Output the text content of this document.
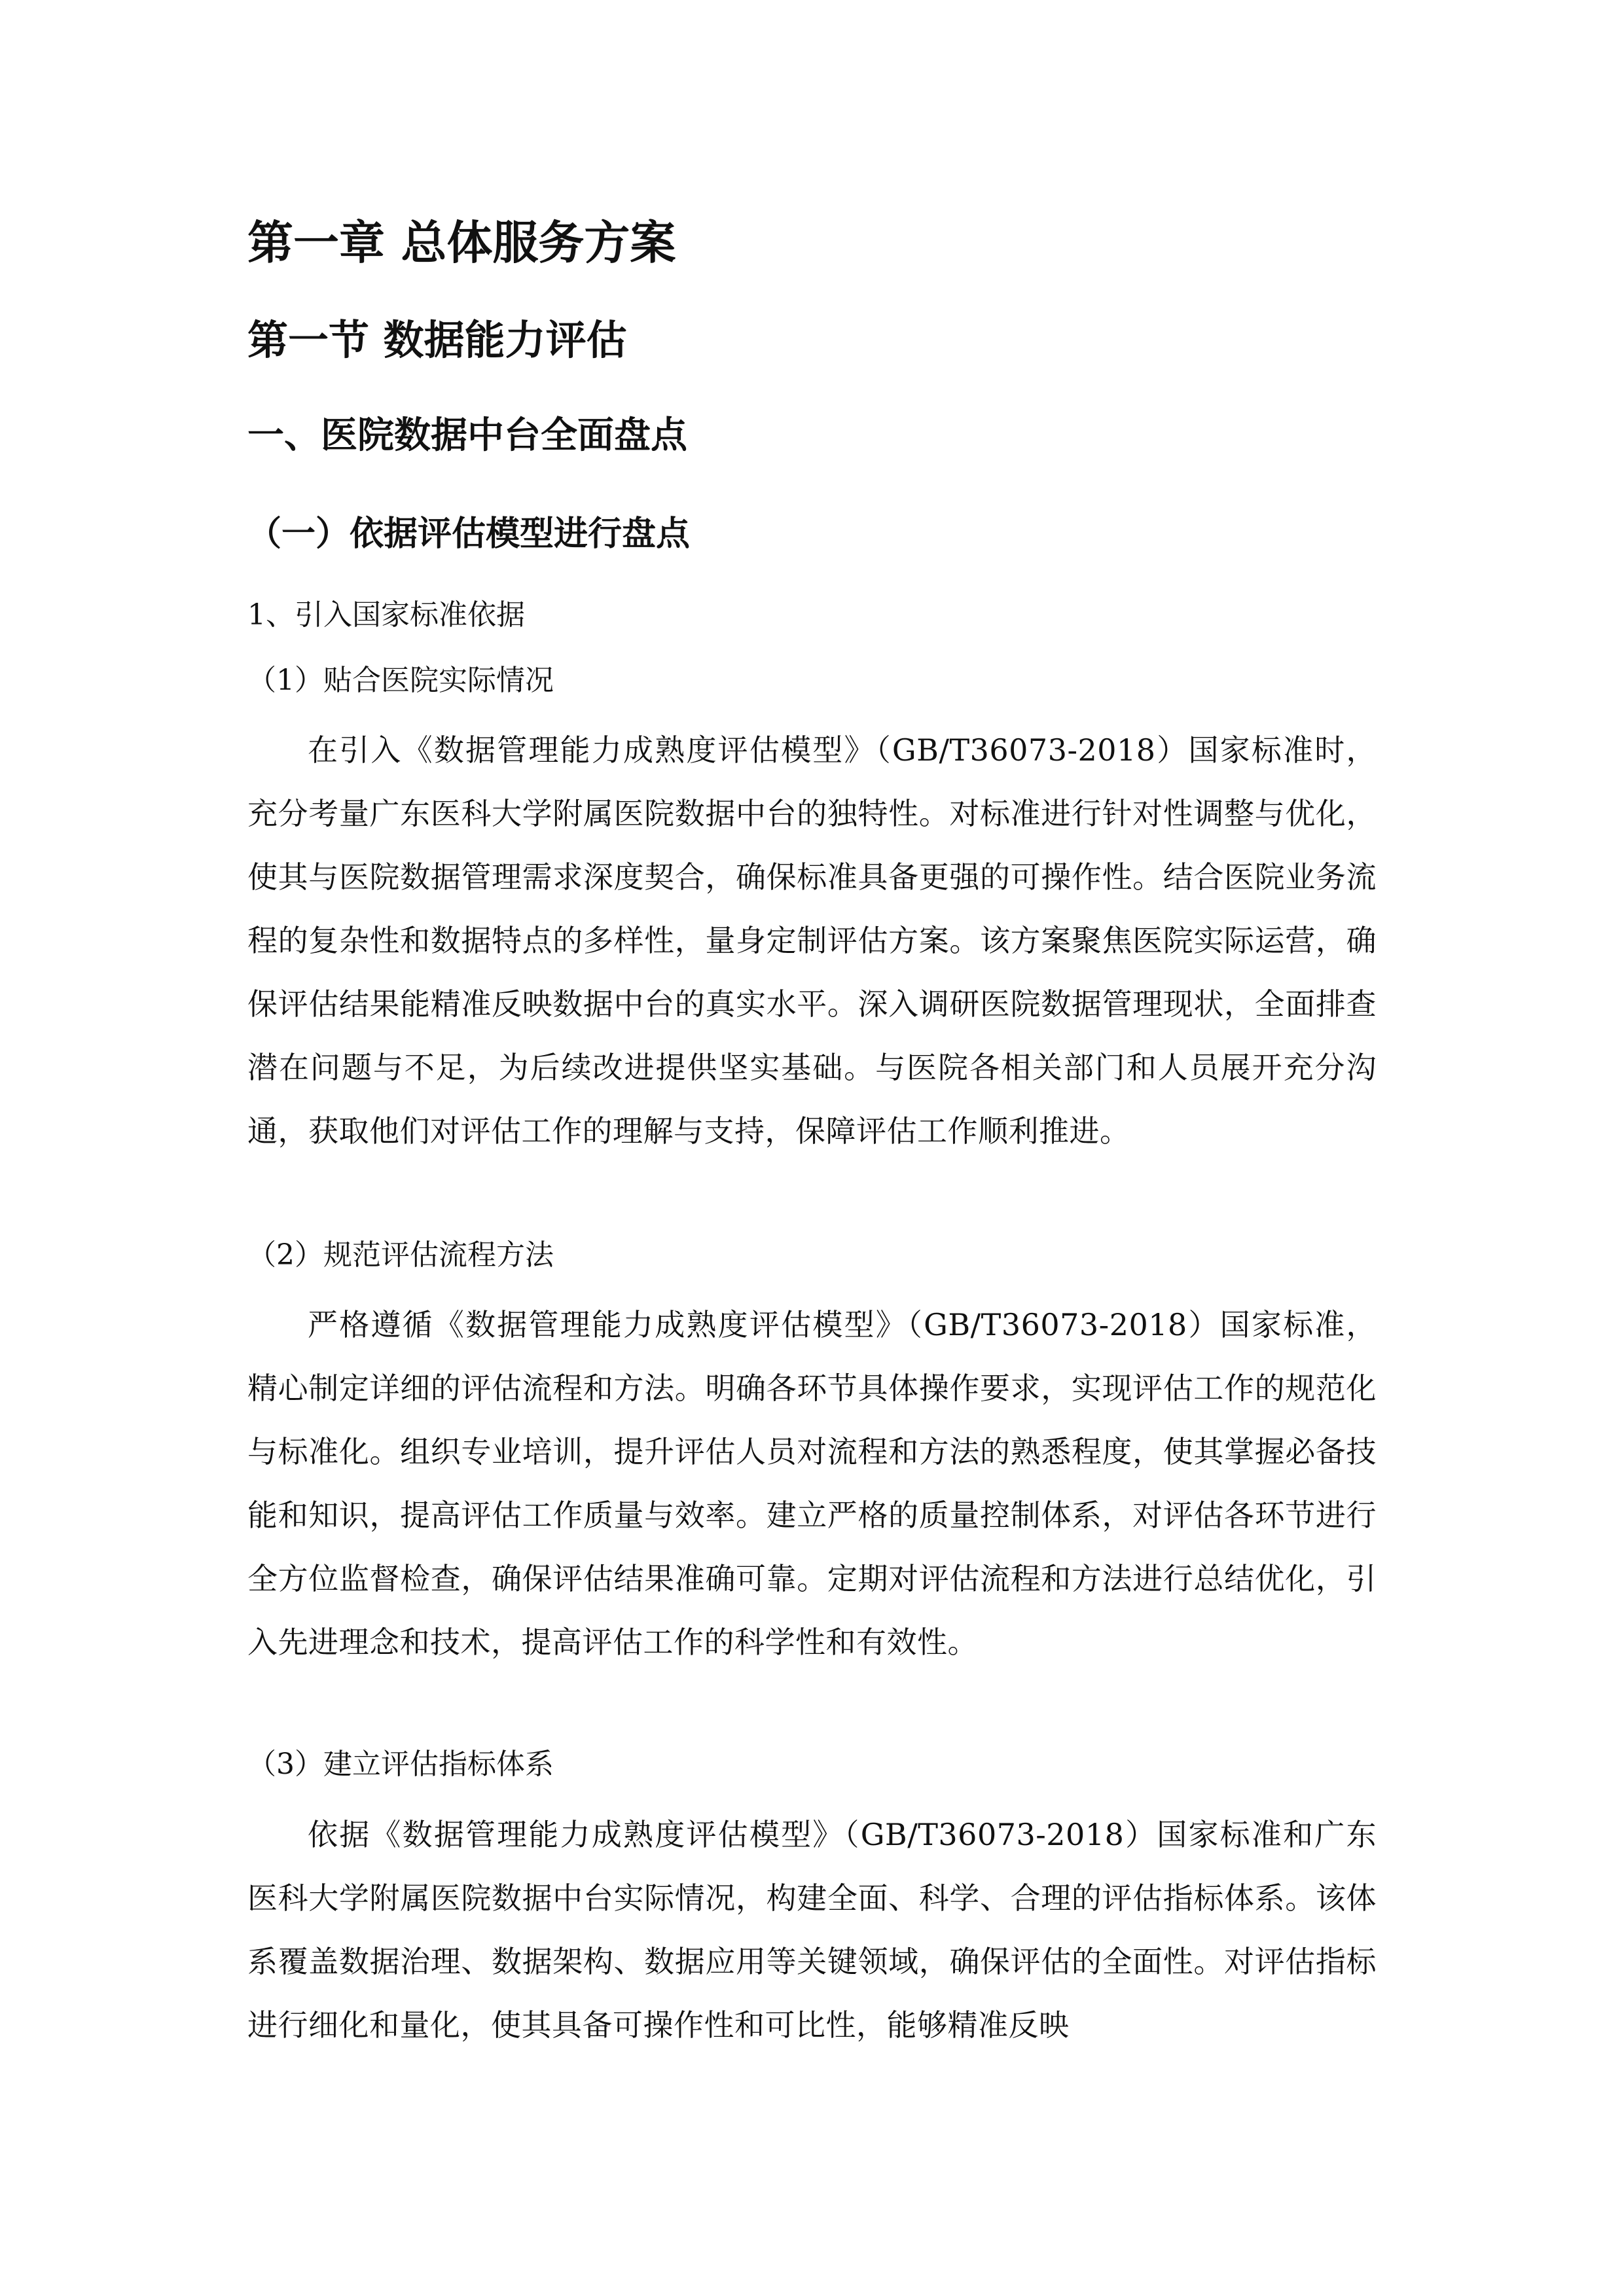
第一章 总体服务方案
第一节 数据能力评估
一、医院数据中台全面盘点
（一）依据评估模型进行盘点

1、引入国家标准依据

（1）贴合医院实际情况

在引入《数据管理能力成熟度评估模型》（GB/T36073-2018）国家标准时，充分考量广东医科大学附属医院数据中台的独特性。对标准进行针对性调整与优化，使其与医院数据管理需求深度契合，确保标准具备更强的可操作性。结合医院业务流程的复杂性和数据特点的多样性，量身定制评估方案。该方案聚焦医院实际运营，确保评估结果能精准反映数据中台的真实水平。深入调研医院数据管理现状，全面排查潜在问题与不足，为后续改进提供坚实基础。与医院各相关部门和人员展开充分沟通，获取他们对评估工作的理解与支持，保障评估工作顺利推进。

（2）规范评估流程方法

严格遵循《数据管理能力成熟度评估模型》（GB/T36073-2018）国家标准，精心制定详细的评估流程和方法。明确各环节具体操作要求，实现评估工作的规范化与标准化。组织专业培训，提升评估人员对流程和方法的熟悉程度，使其掌握必备技能和知识，提高评估工作质量与效率。建立严格的质量控制体系，对评估各环节进行全方位监督检查，确保评估结果准确可靠。定期对评估流程和方法进行总结优化，引入先进理念和技术，提高评估工作的科学性和有效性。

（3）建立评估指标体系

依据《数据管理能力成熟度评估模型》（GB/T36073-2018）国家标准和广东医科大学附属医院数据中台实际情况，构建全面、科学、合理的评估指标体系。该体系覆盖数据治理、数据架构、数据应用等关键领域，确保评估的全面性。对评估指标进行细化和量化，使其具备可操作性和可比性，能够精准反映
